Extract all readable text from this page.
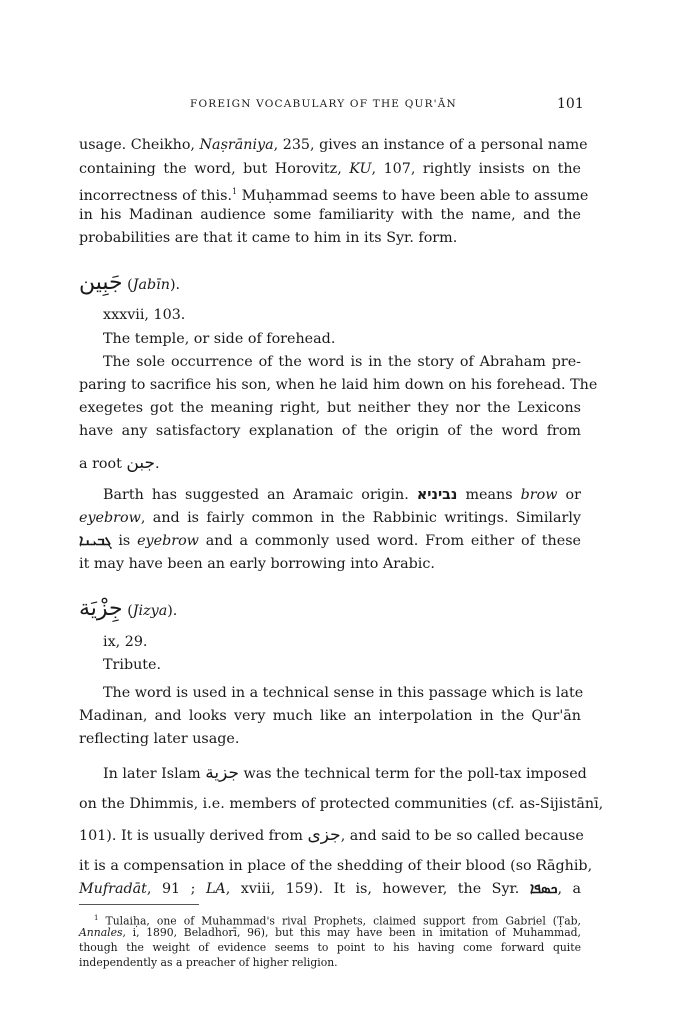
FOREIGN VOCABULARY OF THE QUR'ĀN	101
usage. Cheikho, Naṣrāniya, 235, gives an instance of a personal name
containing the word, but Horovitz, KU, 107, rightly insists on the
incorrectness of this.$^1$ Muḥammad seems to have been able to assume
in his Madinan audience some familiarity with the name, and the
probabilities are that it came to him in its Syr. form.
جَبِين (Jabīn).
xxxvii, 103.
The temple, or side of forehead.
The sole occurrence of the word is in the story of Abraham pre-
paring to sacrifice his son, when he laid him down on his forehead. The
exegetes got the meaning right, but neither they nor the Lexicons
have any satisfactory explanation of the origin of the word from
a root جبن.
Barth has suggested an Aramaic origin. נביניא means brow or
eyebrow, and is fairly common in the Rabbinic writings. Similarly
ܓܒܝܢܐ is eyebrow and a commonly used word. From either of these
it may have been an early borrowing into Arabic.
جِزْيَة (Jizya).
ix, 29.
Tribute.
The word is used in a technical sense in this passage which is late
Madinan, and looks very much like an interpolation in the Qur'ān
reflecting later usage.
In later Islam جزية was the technical term for the poll-tax imposed
on the Dhimmis, i.e. members of protected communities (cf. as-Sijistānī,
101). It is usually derived from جزى, and said to be so called because
it is a compensation in place of the shedding of their blood (so Rāghib,
Mufradāt, 91 ; LA, xviii, 159). It is, however, the Syr. ܟܣܦܐ, a
$^1$ Tulaiḥa, one of Muhammad's rival Prophets, claimed support from Gabriel (Ṭab,
Annales, i, 1890, Beladhorī, 96), but this may have been in imitation of Muhammad,
though the weight of evidence seems to point to his having come forward quite
independently as a preacher of higher religion.
